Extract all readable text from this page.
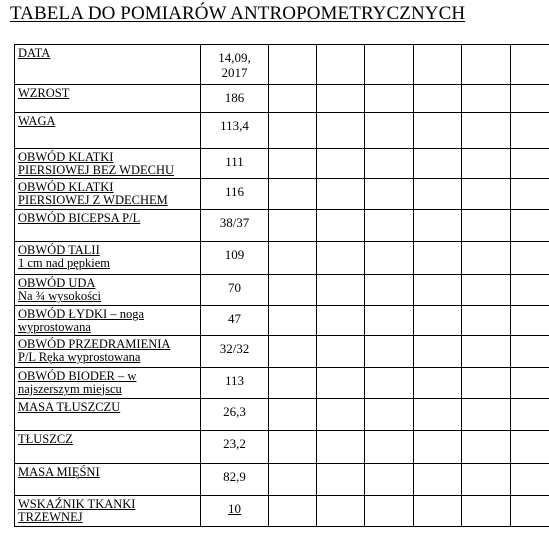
TABELA DO POMIARÓW ANTROPOMETRYCZNYCH
DATA	14,09,
2017						

WZROST	186						

WAGA	113,4						

OBWÓD KLATKI
PIERSIOWEJ BEZ WDECHU	111						

OBWÓD KLATKI
PIERSIOWEJ Z WDECHEM	116						

OBWÓD BICEPSA P/L	38/37						

OBWÓD TALII
1 cm nad pępkiem	109						

OBWÓD UDA
Na ¾ wysokości	70						

OBWÓD ŁYDKI – noga
wyprostowana	47						

OBWÓD PRZEDRAMIENIA
P/L Ręka wyprostowana	32/32						

OBWÓD BIODER – w
najszerszym miejscu	113						

MASA TŁUSZCZU	26,3						

TŁUSZCZ	23,2						

MASA MIĘŚNI	82,9						

WSKAŹNIK TKANKI
TRZEWNEJ	10						
